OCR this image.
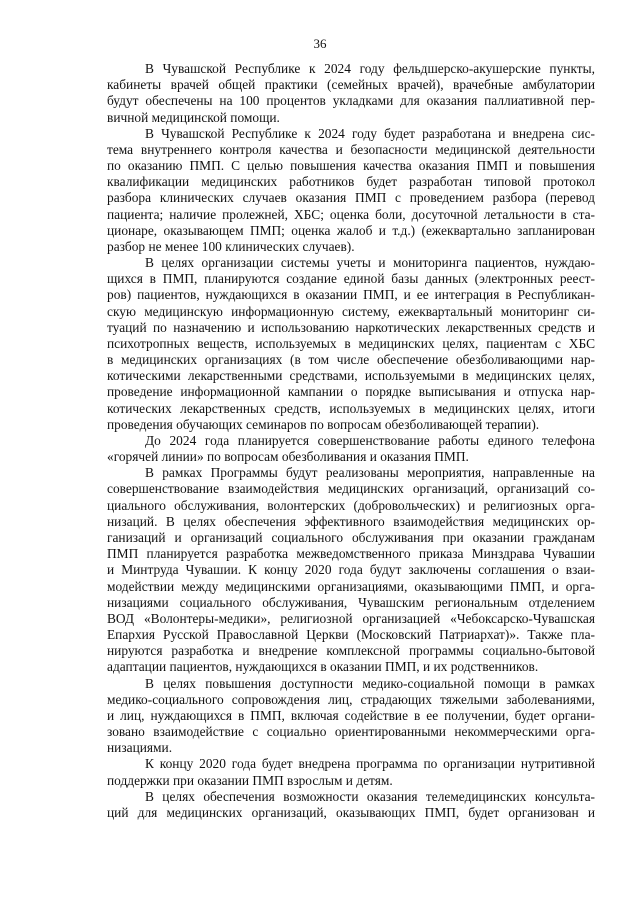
36
В Чувашской Республике к 2024 году фельдшерско-акушерские пункты,
кабинеты врачей общей практики (семейных врачей), врачебные амбулатории
будут обеспечены на 100 процентов укладками для оказания паллиативной пер-
вичной медицинской помощи.
В Чувашской Республике к 2024 году будет разработана и внедрена сис-
тема внутреннего контроля качества и безопасности медицинской деятельности
по оказанию ПМП. С целью повышения качества оказания ПМП и повышения
квалификации медицинских работников будет разработан типовой протокол
разбора клинических случаев оказания ПМП с проведением разбора (перевод
пациента; наличие пролежней, ХБС; оценка боли, досуточной летальности в ста-
ционаре, оказывающем ПМП; оценка жалоб и т.д.) (ежеквартально запланирован
разбор не менее 100 клинических случаев).
В целях организации системы учеты и мониторинга пациентов, нуждаю-
щихся в ПМП, планируются создание единой базы данных (электронных реест-
ров) пациентов, нуждающихся в оказании ПМП, и ее интеграция в Республикан-
скую медицинскую информационную систему, ежеквартальный мониторинг си-
туаций по назначению и использованию наркотических лекарственных средств и
психотропных веществ, используемых в медицинских целях, пациентам с ХБС
в медицинских организациях (в том числе обеспечение обезболивающими нар-
котическими лекарственными средствами, используемыми в медицинских целях,
проведение информационной кампании о порядке выписывания и отпуска нар-
котических лекарственных средств, используемых в медицинских целях, итоги
проведения обучающих семинаров по вопросам обезболивающей терапии).
До 2024 года планируется совершенствование работы единого телефона
«горячей линии» по вопросам обезболивания и оказания ПМП.
В рамках Программы будут реализованы мероприятия, направленные на
совершенствование взаимодействия медицинских организаций, организаций со-
циального обслуживания, волонтерских (добровольческих) и религиозных орга-
низаций. В целях обеспечения эффективного взаимодействия медицинских ор-
ганизаций и организаций социального обслуживания при оказании гражданам
ПМП планируется разработка межведомственного приказа Минздрава Чувашии
и Минтруда Чувашии. К концу 2020 года будут заключены соглашения о взаи-
модействии между медицинскими организациями, оказывающими ПМП, и орга-
низациями социального обслуживания, Чувашским региональным отделением
ВОД «Волонтеры-медики», религиозной организацией «Чебоксарско-Чувашская
Епархия Русской Православной Церкви (Московский Патриархат)». Также пла-
нируются разработка и внедрение комплексной программы социально-бытовой
адаптации пациентов, нуждающихся в оказании ПМП, и их родственников.
В целях повышения доступности медико-социальной помощи в рамках
медико-социального сопровождения лиц, страдающих тяжелыми заболеваниями,
и лиц, нуждающихся в ПМП, включая содействие в ее получении, будет органи-
зовано взаимодействие с социально ориентированными некоммерческими орга-
низациями.
К концу 2020 года будет внедрена программа по организации нутритивной
поддержки при оказании ПМП взрослым и детям.
В целях обеспечения возможности оказания телемедицинских консульта-
ций для медицинских организаций, оказывающих ПМП, будет организован и
